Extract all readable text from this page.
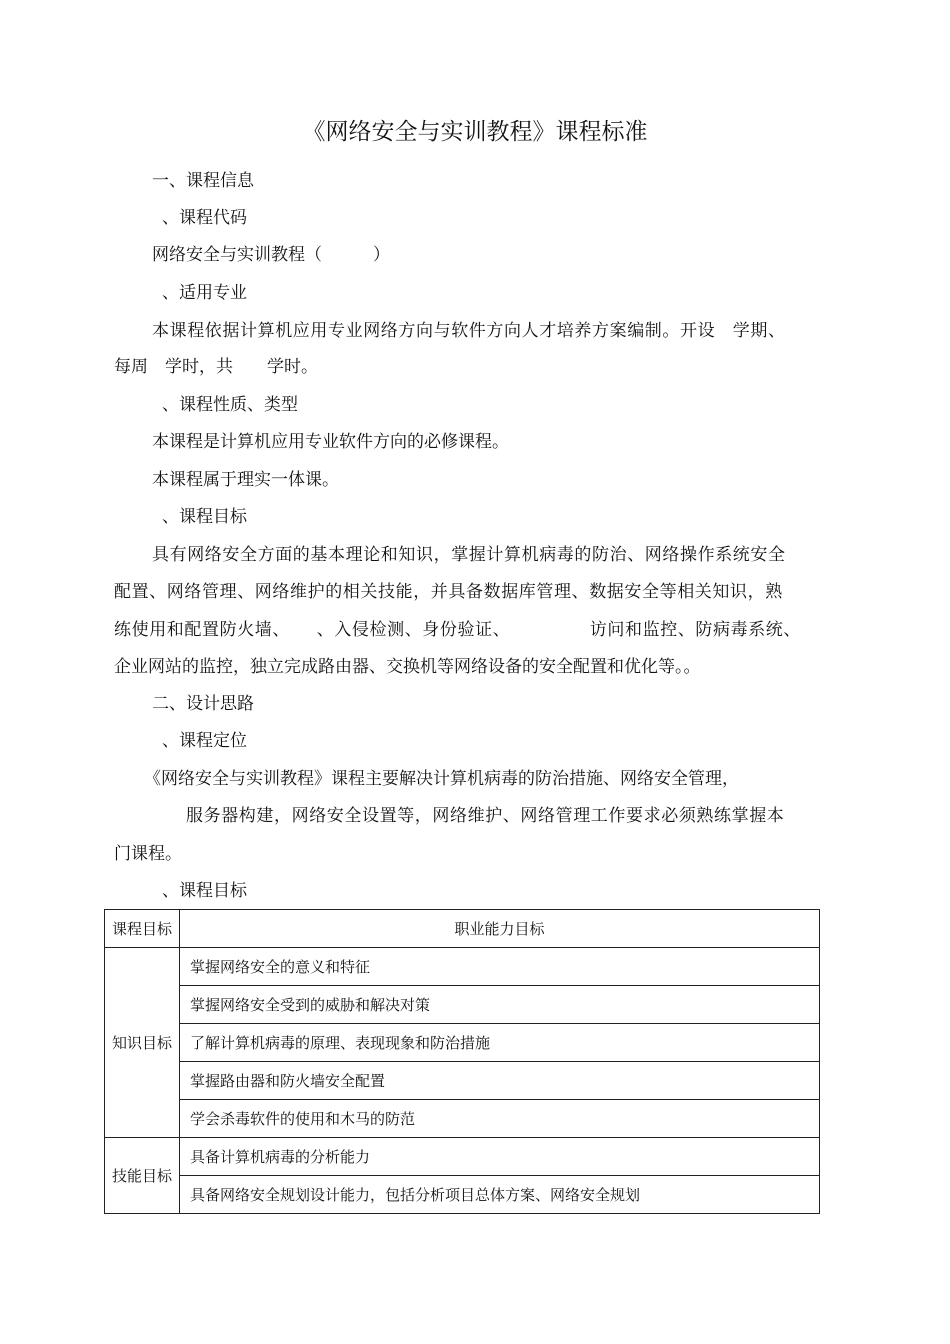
《网络安全与实训教程》课程标准
一、课程信息
、课程代码
网络安全与实训教程（　　　）
、适用专业
本课程依据计算机应用专业网络方向与软件方向人才培养方案编制。开设　学期、
每周　学时，共　　学时。
、课程性质、类型
本课程是计算机应用专业软件方向的必修课程。
本课程属于理实一体课。
、课程目标
具有网络安全方面的基本理论和知识，掌握计算机病毒的防治、网络操作系统安全
配置、网络管理、网络维护的相关技能，并具备数据库管理、数据安全等相关知识，熟
练使用和配置防火墙、　　、入侵检测、身份验证、　　　　　访问和监控、防病毒系统、
企业网站的监控，独立完成路由器、交换机等网络设备的安全配置和优化等。。
二、设计思路
、课程定位
《网络安全与实训教程》课程主要解决计算机病毒的防治措施、网络安全管理，
服务器构建，网络安全设置等，网络维护、网络管理工作要求必须熟练掌握本
门课程。
、课程目标
课程目标	职业能力目标
知识目标	掌握网络安全的意义和特征
	掌握网络安全受到的威胁和解决对策
	了解计算机病毒的原理、表现现象和防治措施
	掌握路由器和防火墙安全配置
	学会杀毒软件的使用和木马的防范
技能目标	具备计算机病毒的分析能力
	具备网络安全规划设计能力，包括分析项目总体方案、网络安全规划
